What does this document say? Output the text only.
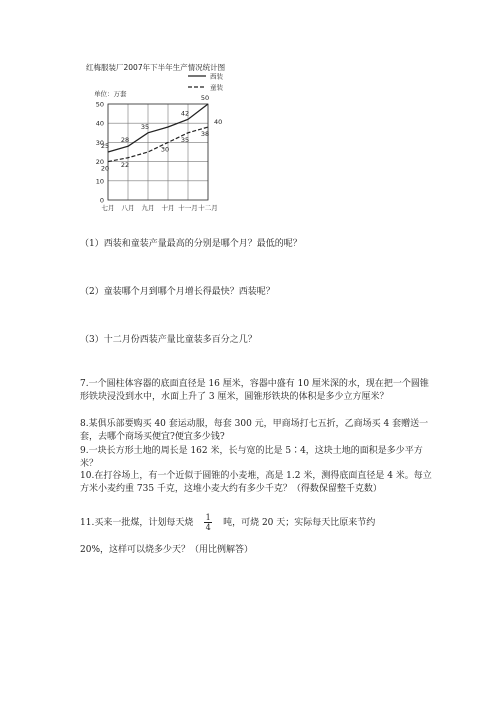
红梅服装厂2007年下半年生产情况统计图
0
10
20
30
40
50
七月 八月 九月 十月 十一月 十二月
单位：万套
25
28
35
42
50
20 22
30
35
38
40
西装
童装
（1）西装和童装产量最高的分别是哪个月？最低的呢？
（2）童装哪个月到哪个月增长得最快？西装呢？
（3）十二月份西装产量比童装多百分之几？
7.一个圆柱体容器的底面直径是 16 厘米，容器中盛有 10 厘米深的水，现在把一个圆锥形铁块浸没到水中，水面上升了 3 厘米，圆锥形铁块的体积是多少立方厘米？
8.某俱乐部要购买 40 套运动服，每套 300 元，甲商场打七五折，乙商场买 4 套赠送一套，去哪个商场买便宜?便宜多少钱?
9.一块长方形土地的周长是 162 米，长与宽的比是 5∶4，这块土地的面积是多少平方米？
10.在打谷场上，有一个近似于圆锥的小麦堆，高是 1.2 米，测得底面直径是 4 米。每立方米小麦约重 735 千克，这堆小麦大约有多少千克？（得数保留整千克数）
11.买来一批煤，计划每天烧 $\frac{1}{4}$ 吨，可烧 20 天；实际每天比原来节约
20%，这样可以烧多少天？（用比例解答）
